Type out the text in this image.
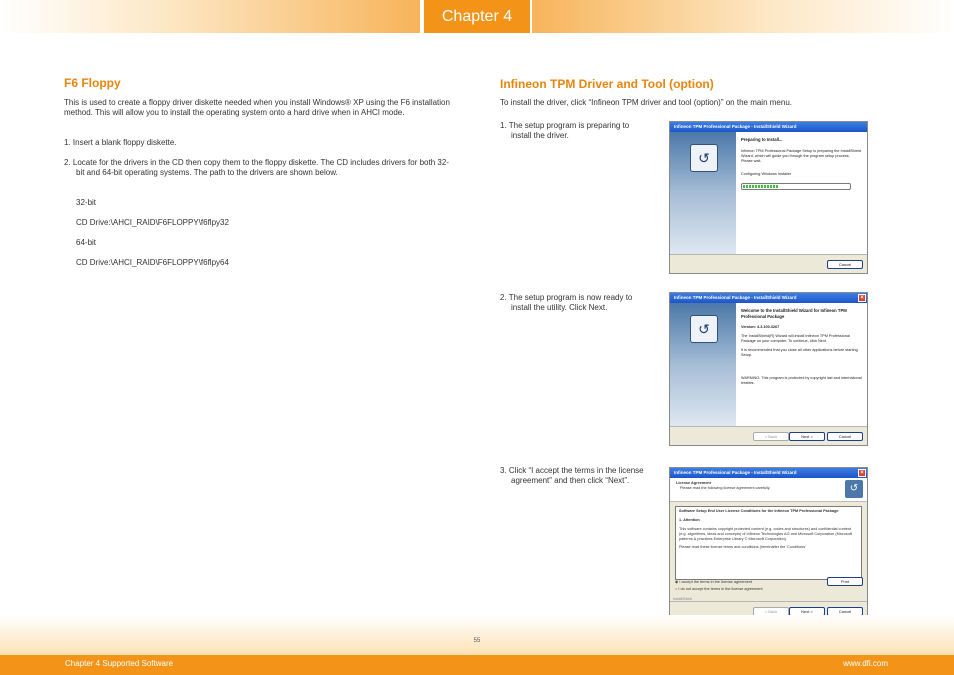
Chapter 4
F6 Floppy

This is used to create a floppy driver diskette needed when you install Windows® XP using the F6 installation method. This will allow you to install the operating system onto a hard drive when in AHCI mode.

1. Insert a blank floppy diskette.

2. Locate for the drivers in the CD then copy them to the floppy diskette. The CD includes drivers for both 32-bit and 64-bit operating systems. The path to the drivers are shown below.

32-bit

CD Drive:\AHCI_RAID\F6FLOPPY\f6flpy32

64-bit

CD Drive:\AHCI_RAID\F6FLOPPY\f6flpy64

Infineon TPM Driver and Tool (option)

To install the driver, click “Infineon TPM driver and tool (option)” on the main menu.

1. The setup program is preparing to install the driver.

2. The setup program is now ready to install the utility. Click Next.

3. Click “I accept the terms in the license agreement” and then click “Next”.

Infineon TPM Professional Package - InstallShield Wizard
↺
Preparing to Install...
Infineon TPM Professional Package Setup is preparing the InstallShield Wizard, which will guide you through the program setup process. Please wait.
Configuring Windows Installer
Cancel
Infineon TPM Professional Package - InstallShield Wizard	×
↺
Welcome to the InstallShield Wizard for Infineon TPM Professional Package
Version: 4.3.100.3267
The InstallShield(R) Wizard will install Infineon TPM Professional Package on your computer. To continue, click Next.
It is recommended that you close all other applications before starting Setup.
WARNING: This program is protected by copyright law and international treaties.
< Back	Next >	Cancel
Infineon TPM Professional Package - InstallShield Wizard	×
License Agreement
Please read the following license agreement carefully.	↺
Software Setup End User License Conditions for the Infineon TPM Professional Package
1. Attention
This software contains copyright protected content (e.g. codes and structures) and confidential content (e.g. algorithms, ideas and concepts) of Infineon Technologies AG and Microsoft Corporation (Microsoft patterns & practices Enterprise Library © Microsoft Corporation).
Please read these license terms and conditions (hereinafter the 'Conditions'
◉ I accept the terms in the license agreement
○ I do not accept the terms in the license agreement
Print
InstallShield
< Back	Next >	Cancel
55
Chapter 4 Supported Software	www.dfi.com
